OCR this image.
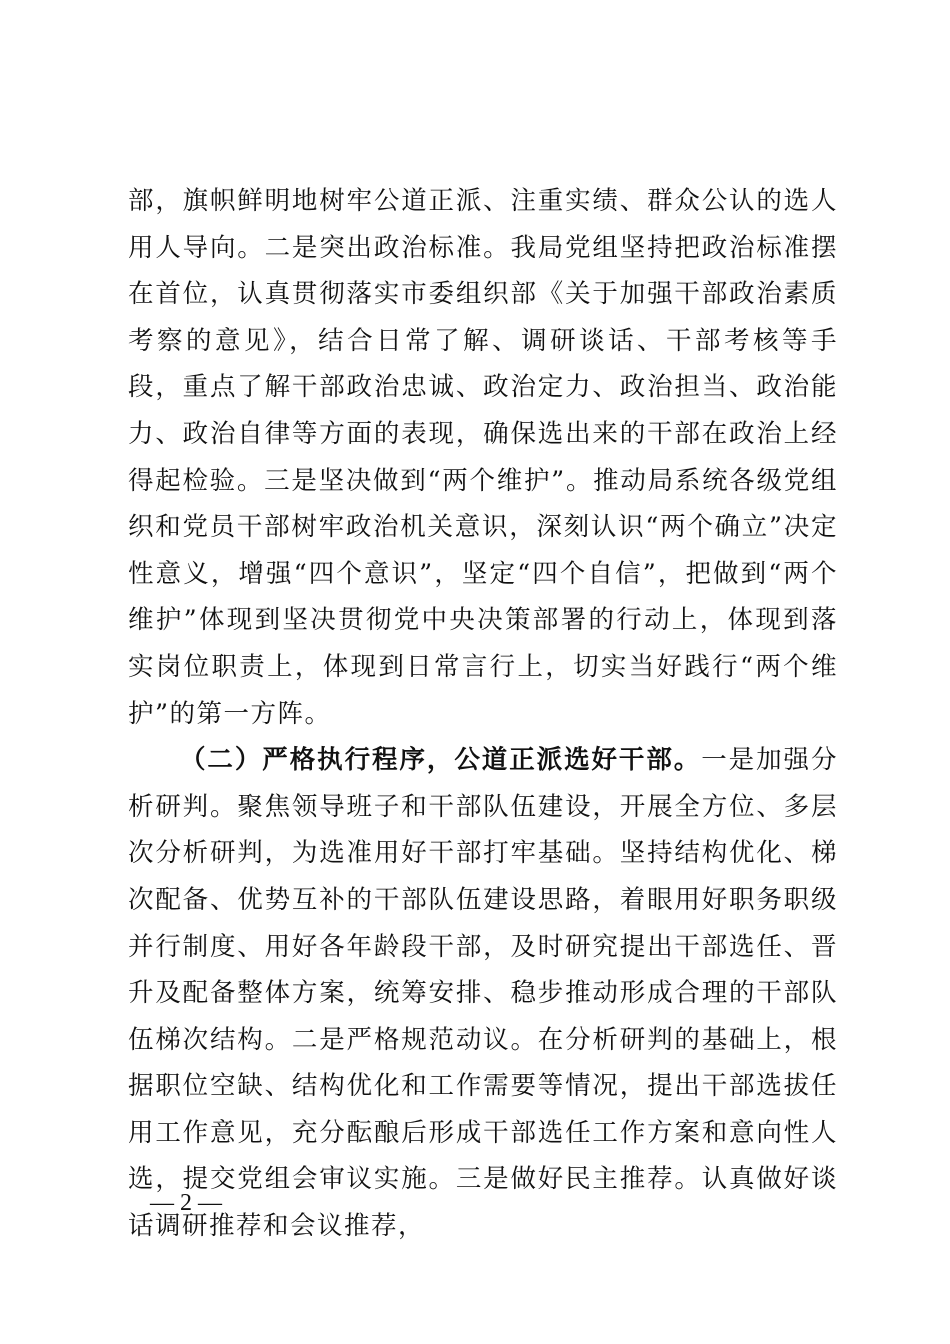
部，旗帜鲜明地树牢公道正派、注重实绩、群众公认的选人用人导向。二是突出政治标准。我局党组坚持把政治标准摆在首位，认真贯彻落实市委组织部《关于加强干部政治素质考察的意见》，结合日常了解、调研谈话、干部考核等手段，重点了解干部政治忠诚、政治定力、政治担当、政治能力、政治自律等方面的表现，确保选出来的干部在政治上经得起检验。三是坚决做到“两个维护”。推动局系统各级党组织和党员干部树牢政治机关意识，深刻认识“两个确立”决定性意义，增强“四个意识”，坚定“四个自信”，把做到“两个维护”体现到坚决贯彻党中央决策部署的行动上，体现到落实岗位职责上，体现到日常言行上，切实当好践行“两个维护”的第一方阵。

（二）严格执行程序，公道正派选好干部。一是加强分析研判。聚焦领导班子和干部队伍建设，开展全方位、多层次分析研判，为选准用好干部打牢基础。坚持结构优化、梯次配备、优势互补的干部队伍建设思路，着眼用好职务职级并行制度、用好各年龄段干部，及时研究提出干部选任、晋升及配备整体方案，统筹安排、稳步推动形成合理的干部队伍梯次结构。二是严格规范动议。在分析研判的基础上，根据职位空缺、结构优化和工作需要等情况，提出干部选拔任用工作意见，充分酝酿后形成干部选任工作方案和意向性人选，提交党组会审议实施。三是做好民主推荐。认真做好谈话调研推荐和会议推荐，

— 2 —
